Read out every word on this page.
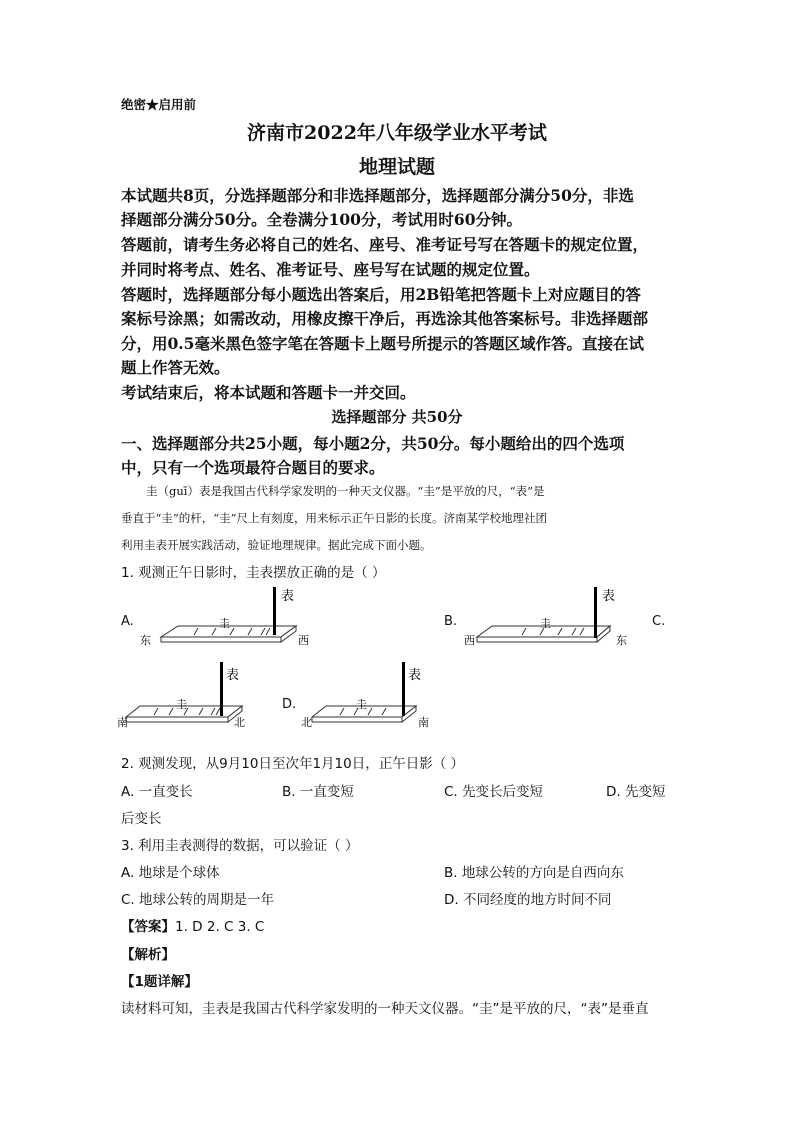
绝密★启用前
济南市2022年八年级学业水平考试
地理试题
本试题共8页，分选择题部分和非选择题部分，选择题部分满分50分，非选
择题部分满分50分。全卷满分100分，考试用时60分钟。
答题前，请考生务必将自己的姓名、座号、准考证号写在答题卡的规定位置，
并同时将考点、姓名、准考证号、座号写在试题的规定位置。
答题时，选择题部分每小题选出答案后，用2B铅笔把答题卡上对应题目的答
案标号涂黑；如需改动，用橡皮擦干净后，再选涂其他答案标号。非选择题部
分，用0.5毫米黑色签字笔在答题卡上题号所提示的答题区域作答。直接在试
题上作答无效。
考试结束后，将本试题和答题卡一并交回。
选择题部分 共50分
一、选择题部分共25小题，每小题2分，共50分。每小题给出的四个选项
中，只有一个选项最符合题目的要求。
圭（guī）表是我国古代科学家发明的一种天文仪器。“圭”是平放的尺，“表”是
垂直于“圭”的杆，“圭”尺上有刻度，用来标示正午日影的长度。济南某学校地理社团
利用圭表开展实践活动，验证地理规律。据此完成下面小题。
1. 观测正午日影时，圭表摆放正确的是（ ）
A.
表
圭
东	西
B.
表
圭
西	东
C.
表
圭
南	北
D.
表
圭
北	南
2. 观测发现，从9月10日至次年1月10日，正午日影（ ）
A. 一直变长	B. 一直变短	C. 先变长后变短	D. 先变短
后变长
3. 利用圭表测得的数据，可以验证（ ）
A. 地球是个球体	B. 地球公转的方向是自西向东
C. 地球公转的周期是一年	D. 不同经度的地方时间不同
【答案】1. D 2. C 3. C
【解析】
【1题详解】
读材料可知，圭表是我国古代科学家发明的一种天文仪器。“圭”是平放的尺，“表”是垂直
